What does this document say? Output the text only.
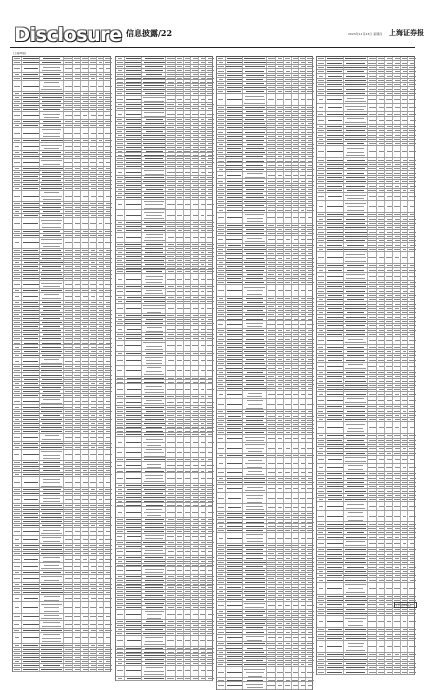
Disclosure 信息披露/22	2023年11月23日 星期四 上海证券报
(上接21版)
(下转23版)
